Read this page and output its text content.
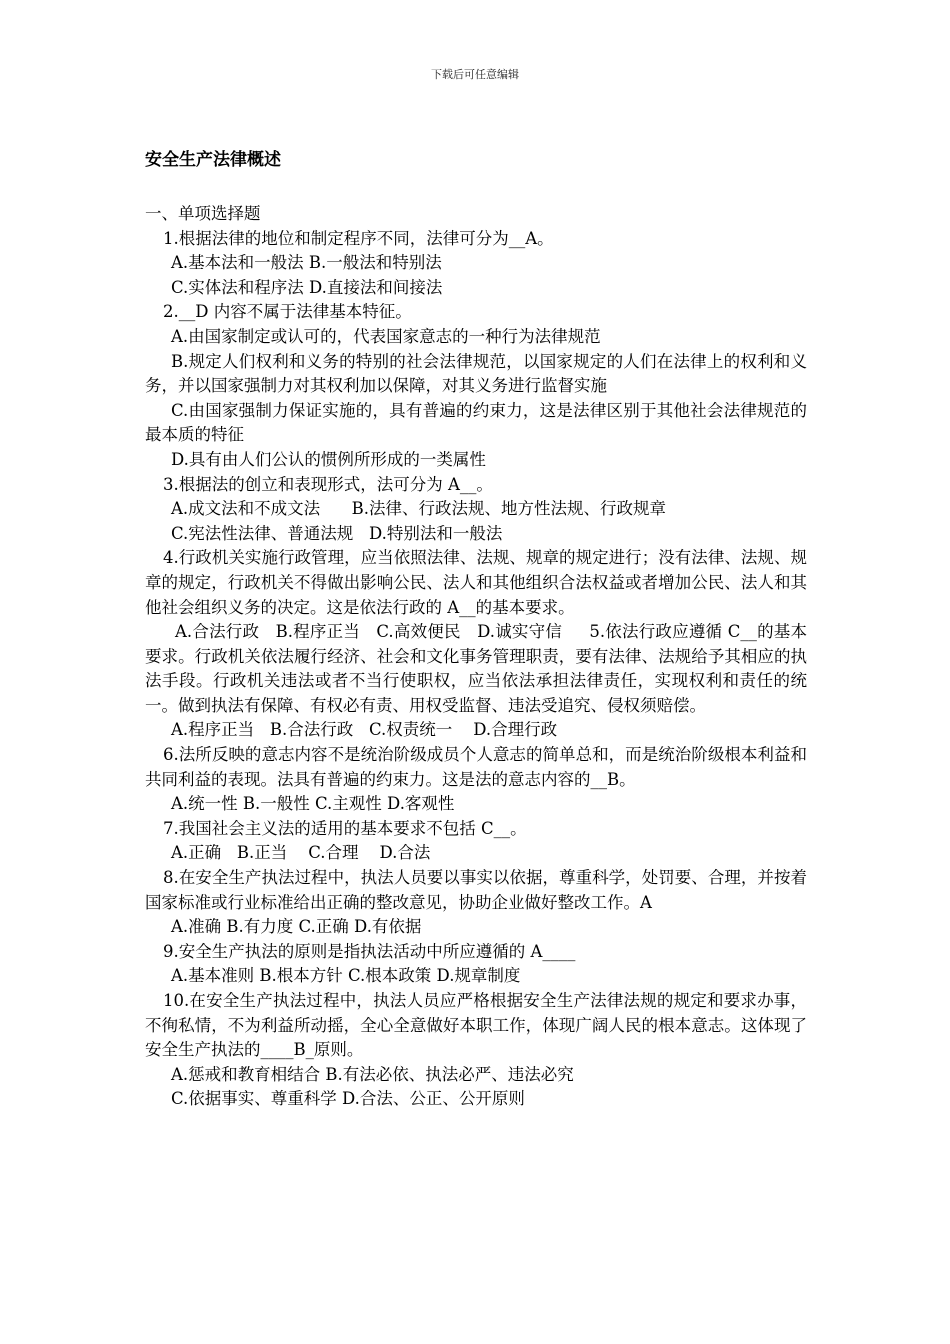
下载后可任意编辑

安全生产法律概述

一、单项选择题

1.根据法律的地位和制定程序不同，法律可分为__A。

A.基本法和一般法 B.一般法和特别法

C.实体法和程序法 D.直接法和间接法

2.__D 内容不属于法律基本特征。

A.由国家制定或认可的，代表国家意志的一种行为法律规范

B.规定人们权利和义务的特别的社会法律规范，以国家规定的人们在法律上的权利和义务，并以国家强制力对其权利加以保障，对其义务进行监督实施

C.由国家强制力保证实施的，具有普遍的约束力，这是法律区别于其他社会法律规范的最本质的特征

D.具有由人们公认的惯例所形成的一类属性

3.根据法的创立和表现形式，法可分为 A__。

A.成文法和不成文法      B.法律、行政法规、地方性法规、行政规章

C.宪法性法律、普通法规   D.特别法和一般法

4.行政机关实施行政管理，应当依照法律、法规、规章的规定进行；没有法律、法规、规章的规定，行政机关不得做出影响公民、法人和其他组织合法权益或者增加公民、法人和其他社会组织义务的决定。这是依法行政的 A__的基本要求。

A.合法行政   B.程序正当   C.高效便民   D.诚实守信     5.依法行政应遵循 C__的基本要求。行政机关依法履行经济、社会和文化事务管理职责，要有法律、法规给予其相应的执法手段。行政机关违法或者不当行使职权，应当依法承担法律责任，实现权利和责任的统一。做到执法有保障、有权必有责、用权受监督、违法受追究、侵权须赔偿。

A.程序正当   B.合法行政   C.权责统一    D.合理行政

6.法所反映的意志内容不是统治阶级成员个人意志的简单总和，而是统治阶级根本利益和共同利益的表现。法具有普遍的约束力。这是法的意志内容的__B。

A.统一性 B.一般性 C.主观性 D.客观性

7.我国社会主义法的适用的基本要求不包括 C__。

A.正确   B.正当    C.合理    D.合法

8.在安全生产执法过程中，执法人员要以事实以依据，尊重科学，处罚要、合理，并按着国家标准或行业标准给出正确的整改意见，协助企业做好整改工作。A

A.准确 B.有力度 C.正确 D.有依据

9.安全生产执法的原则是指执法活动中所应遵循的 A____

A.基本准则 B.根本方针 C.根本政策 D.规章制度

10.在安全生产执法过程中，执法人员应严格根据安全生产法律法规的规定和要求办事，不徇私情，不为利益所动摇，全心全意做好本职工作，体现广阔人民的根本意志。这体现了安全生产执法的____B_原则。

A.惩戒和教育相结合 B.有法必依、执法必严、违法必究

C.依据事实、尊重科学 D.合法、公正、公开原则
